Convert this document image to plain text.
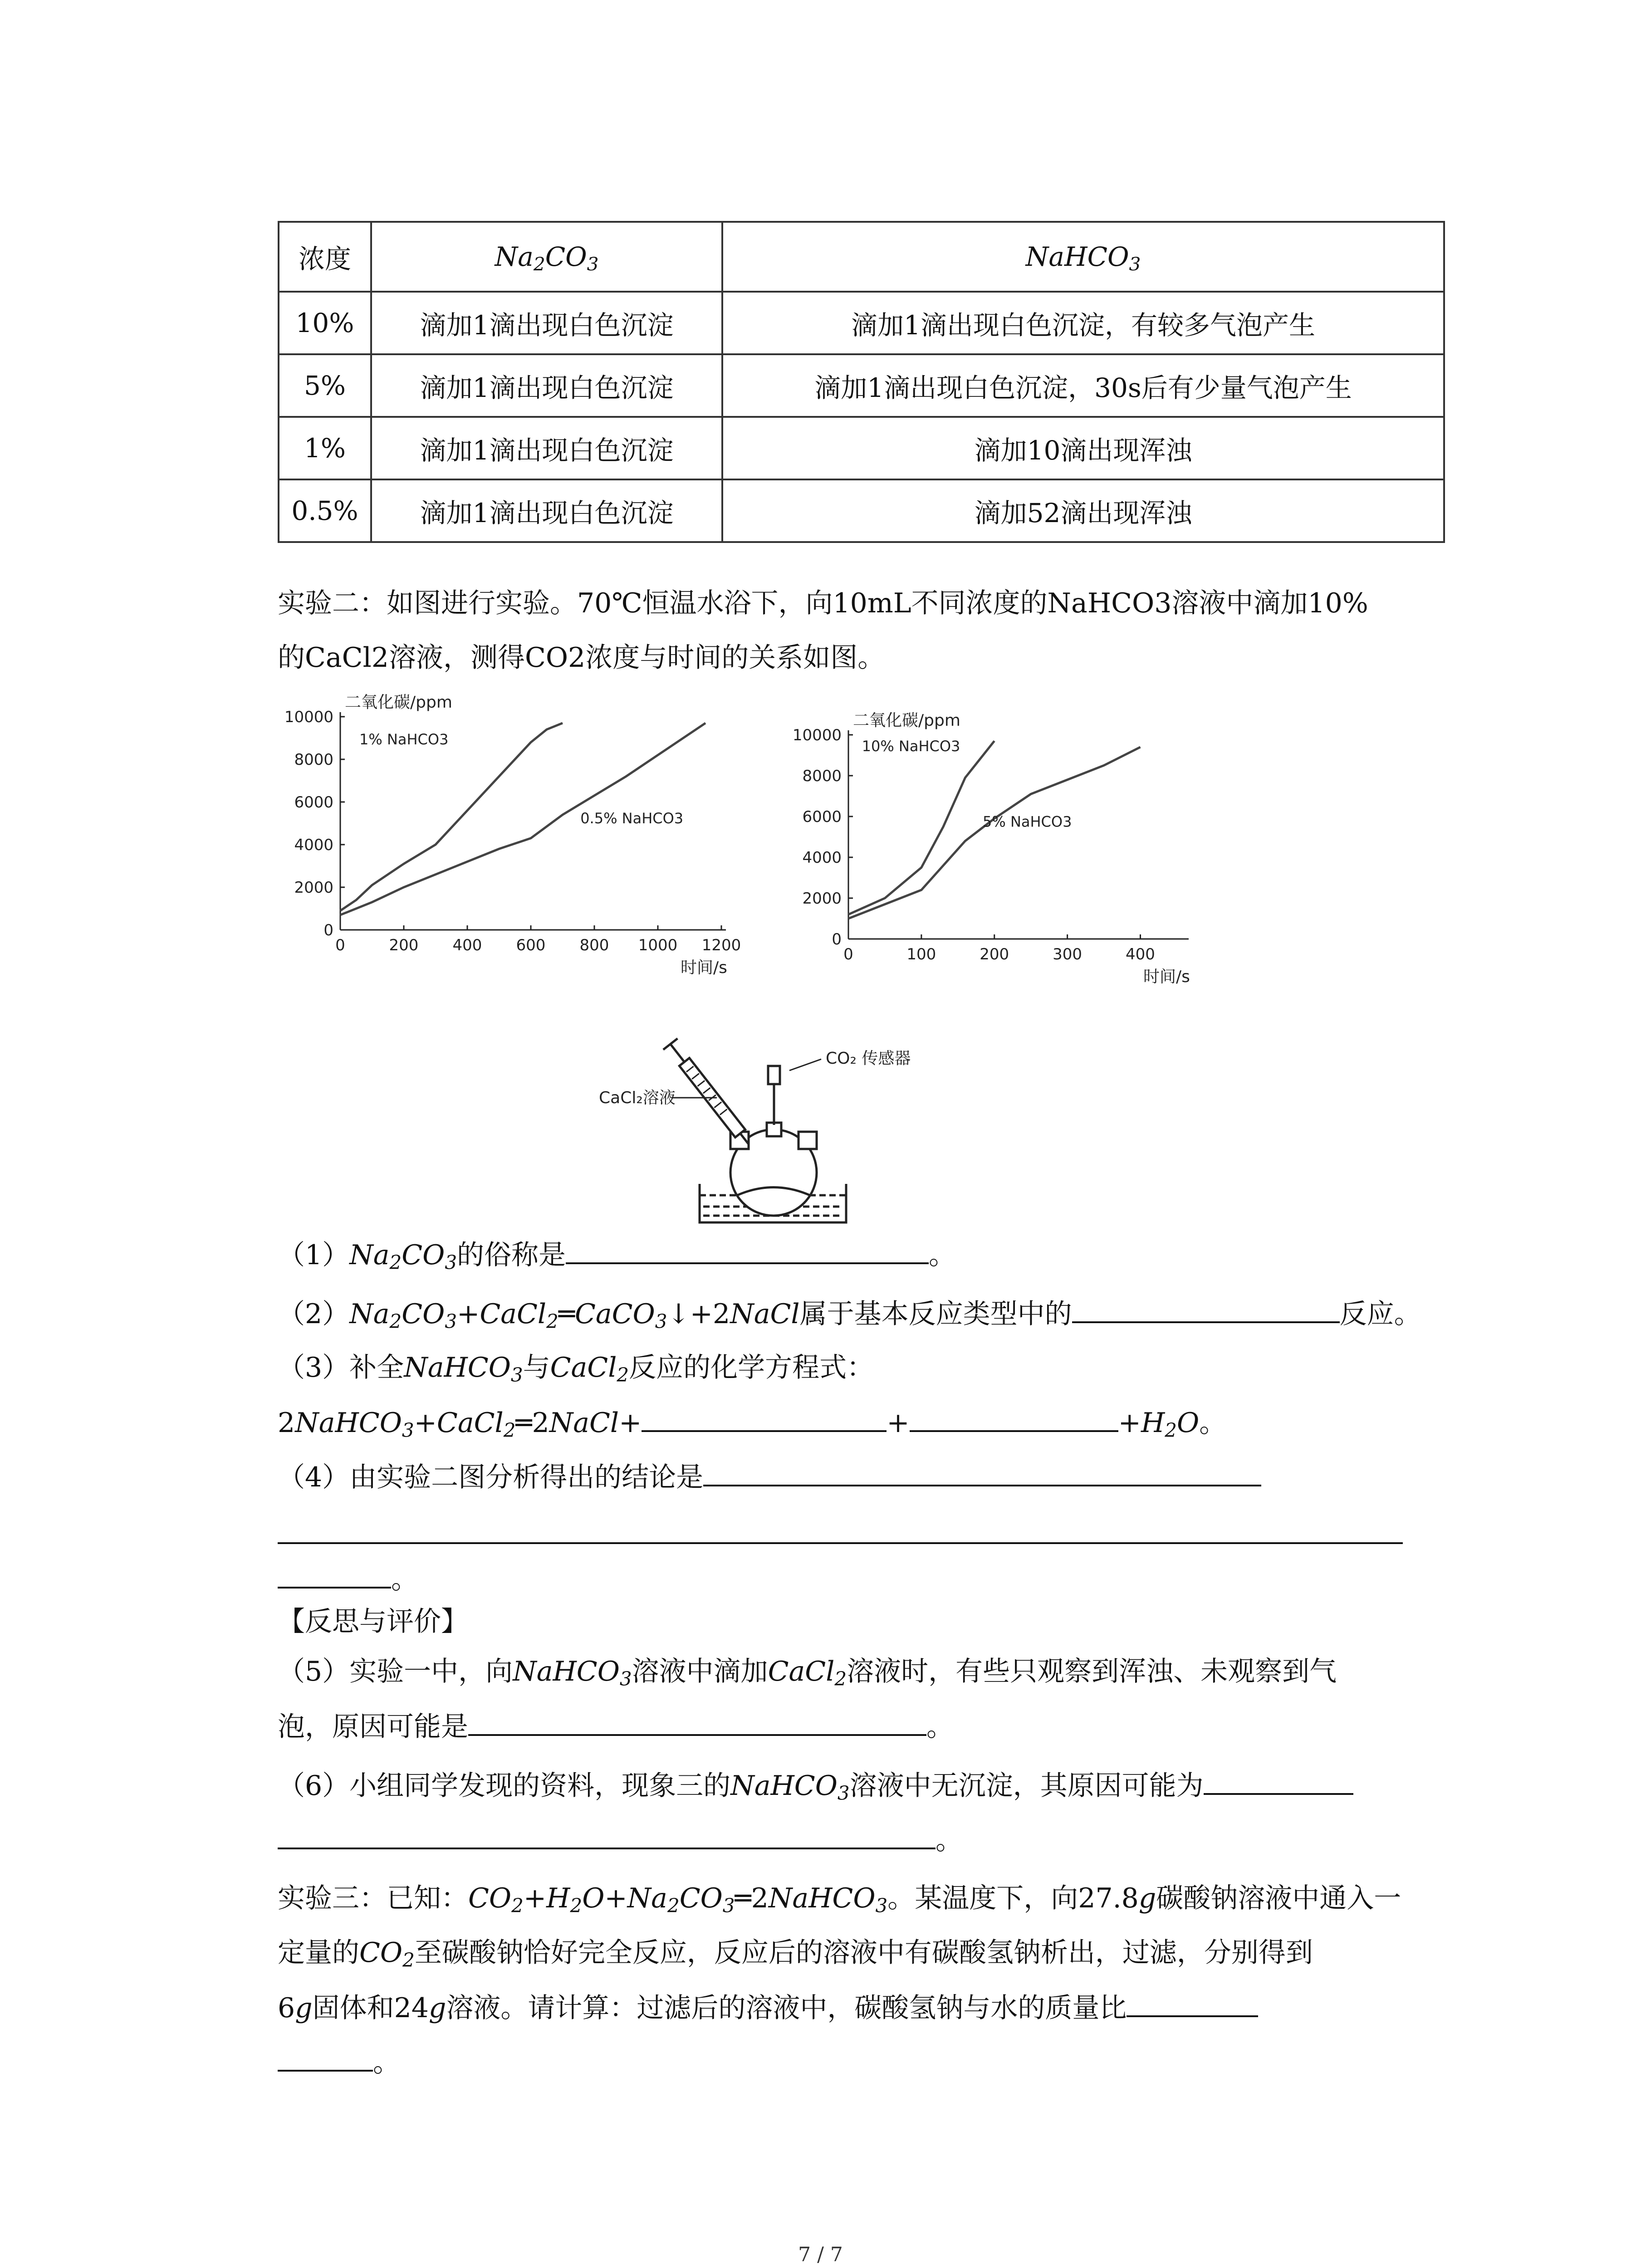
浓度	$Na_2CO_3$	NaHCO$_3$
10%	滴加1滴出现白色沉淀	滴加1滴出现白色沉淀，有较多气泡产生
5%	滴加1滴出现白色沉淀	滴加1滴出现白色沉淀，30s后有少量气泡产生
1%	滴加1滴出现白色沉淀	滴加10滴出现浑浊
0.5%	滴加1滴出现白色沉淀	滴加52滴出现浑浊
实验二：如图进行实验。70℃恒温水浴下，向10mL不同浓度的NaHCO3溶液中滴加10%
的CaCl2溶液，测得CO2浓度与时间的关系如图。
0	200 400 600 800 1000 1200
0
2000
4000
6000
8000
10000
二氧化碳/ppm
时间/s
1% NaHCO3
0.5% NaHCO3
0	100	200	300	400
0
2000
4000
6000
8000
10000
二氧化碳/ppm
时间/s
10% NaHCO3
5% NaHCO3
CaCl₂溶液
CO₂ 传感器
$(1)Na_2CO_3$的俗称是	。
$(2)Na_2CO_3+CaCl_2═CaCO_3↓+2NaCl$属于基本反应类型中的	反应。
（3）补全NaHCO$_3$与CaCl$_2$反应的化学方程式：
2NaHCO$_3$+CaCl$_2$═2NaCl+	+	$+H_2O$。
（4）由实验二图分析得出的结论是
。
【反思与评价】
（5）实验一中，向NaHCO$_3$溶液中滴加CaCl$_2$溶液时，有些只观察到浑浊、未观察到气
泡，原因可能是	。
（6）小组同学发现的资料，现象三的NaHCO$_3$溶液中无沉淀，其原因可能为
。
实验三：已知：$CO_2+H_2O+Na_2CO_3═2NaHCO_3$。某温度下，向27.8g碳酸钠溶液中通入一
定量的$CO_2$至碳酸钠恰好完全反应，反应后的溶液中有碳酸氢钠析出，过滤，分别得到
6g固体和24g溶液。请计算：过滤后的溶液中，碳酸氢钠与水的质量比
。
7 / 7
